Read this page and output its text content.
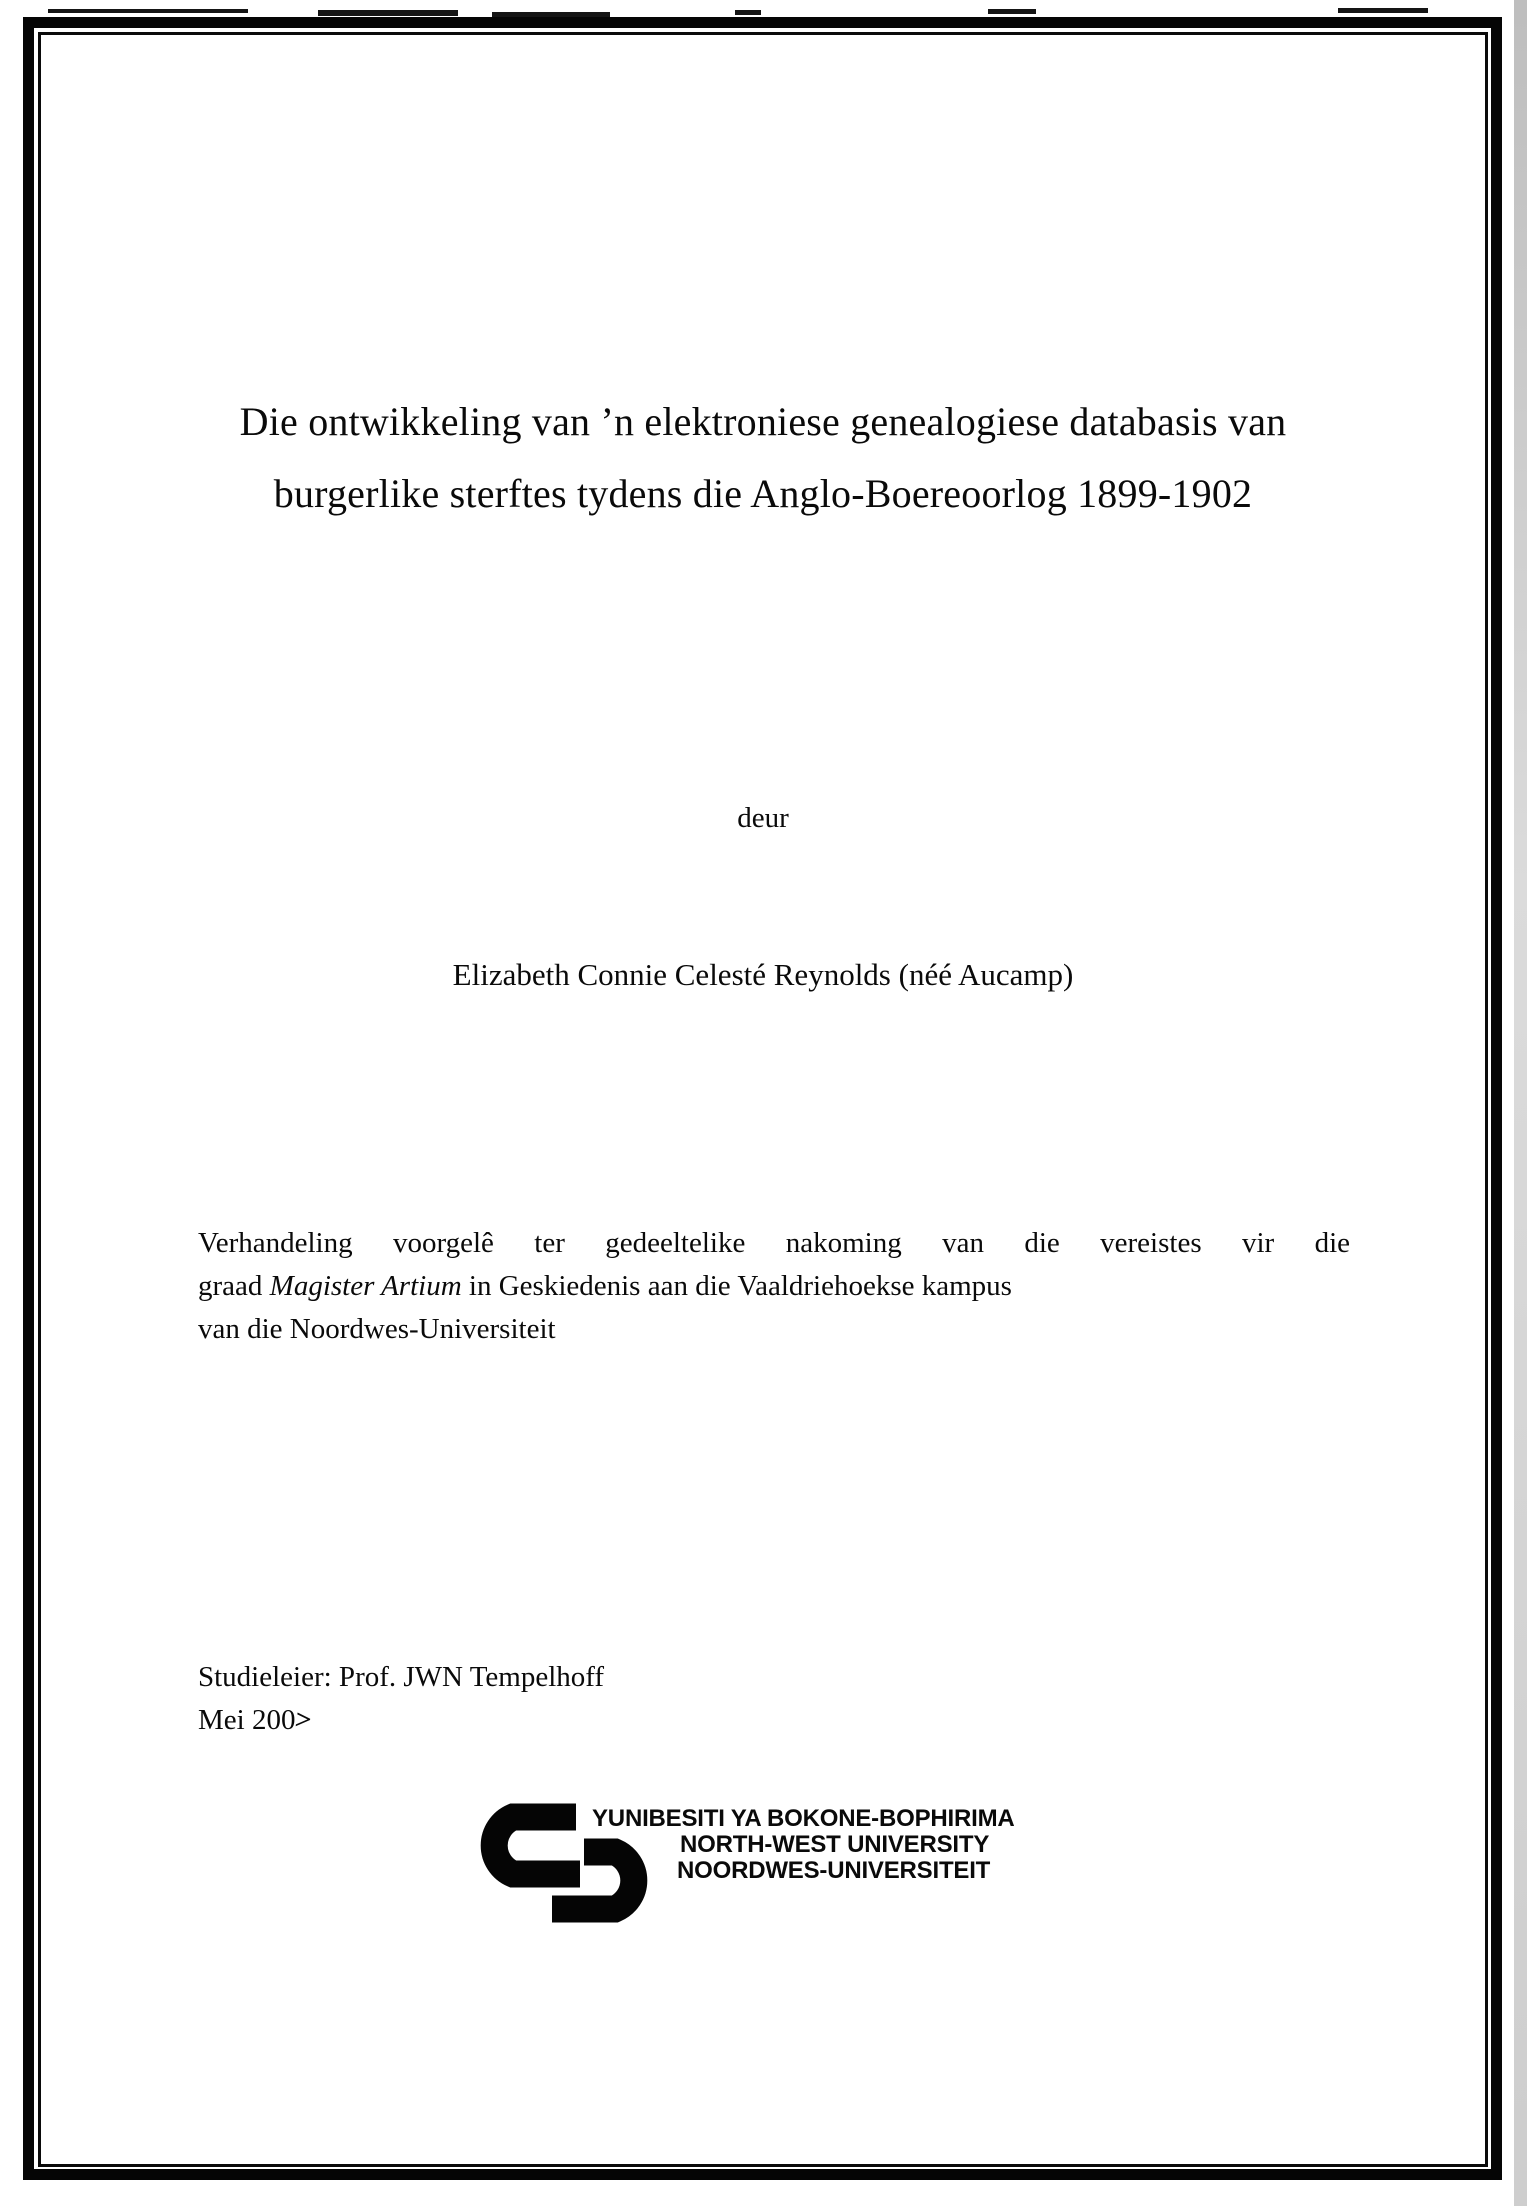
Die ontwikkeling van ’n elektroniese genealogiese databasis van
burgerlike sterftes tydens die Anglo-Boereoorlog 1899-1902
deur
Elizabeth Connie Celesté Reynolds (néé Aucamp)
Verhandeling voorgelê ter gedeeltelike nakoming van die vereistes vir die
graad Magister Artium in Geskiedenis aan die Vaaldriehoekse kampus
van die Noordwes-Universiteit
Studieleier: Prof. JWN Tempelhoff
Mei 200>
YUNIBESITI YA BOKONE-BOPHIRIMA
NORTH-WEST UNIVERSITY
NOORDWES-UNIVERSITEIT
